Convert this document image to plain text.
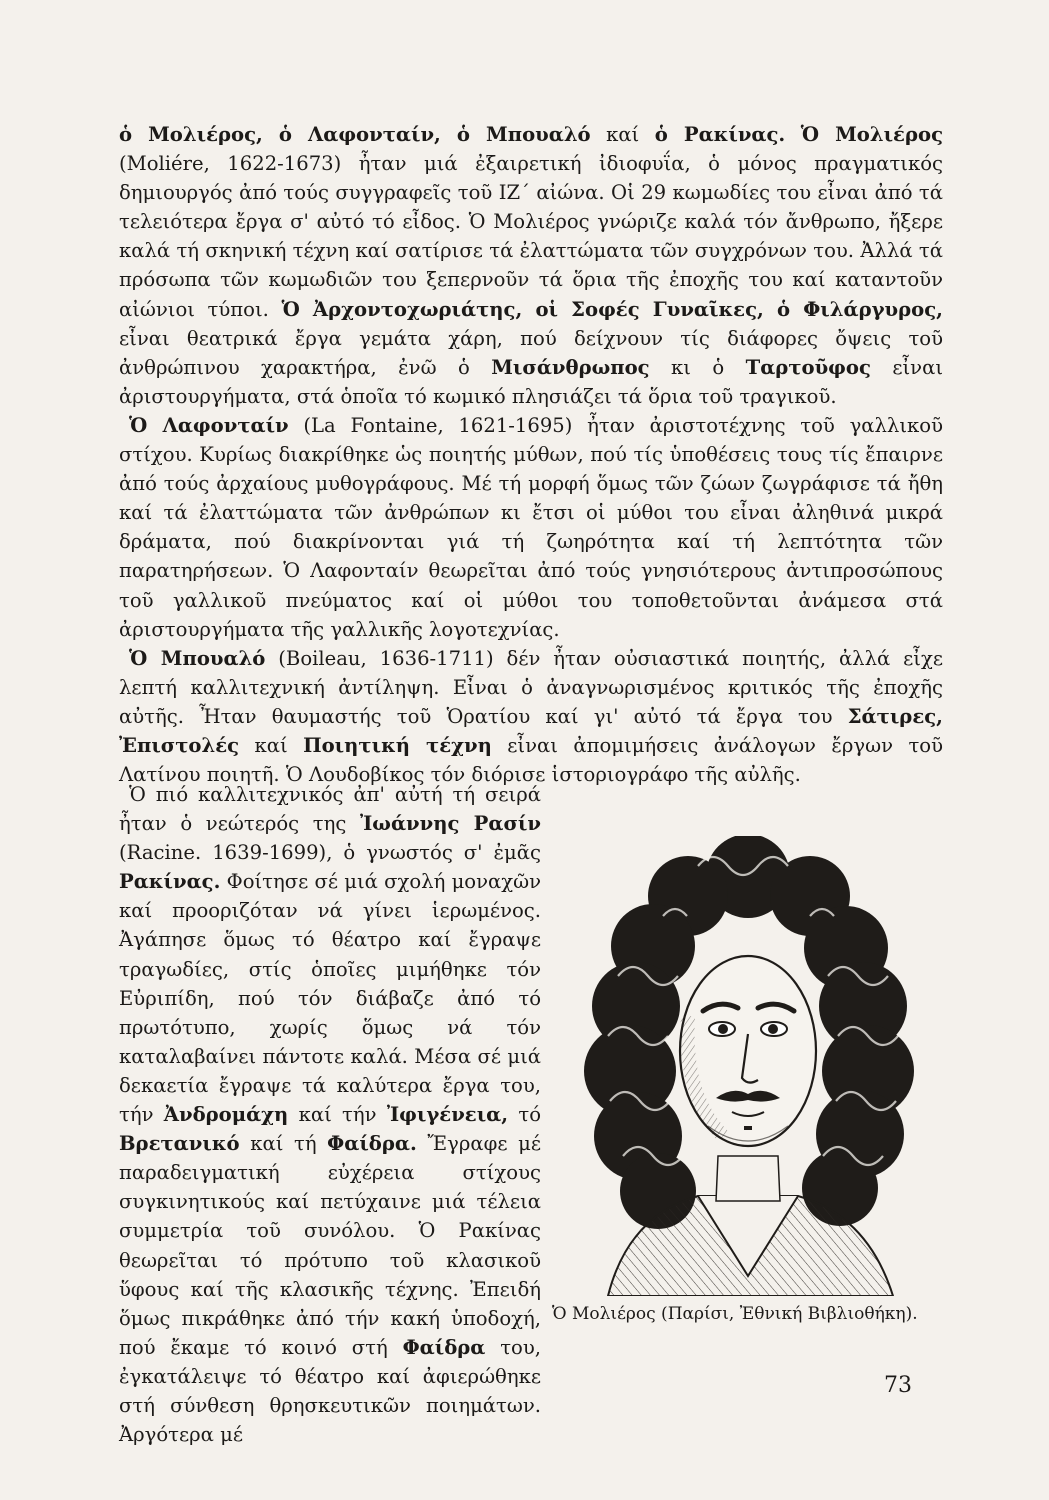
ὁ Μολιέρος, ὁ Λαφονταίν, ὁ Μπουαλό καί ὁ Ρακίνας. Ὁ Μολιέρος (Moliére, 1622-1673) ἦταν μιά ἐξαιρετική ἰδιοφυΐα, ὁ μόνος πραγματικός δημιουργός ἀπό τούς συγγραφεῖς τοῦ ΙΖ΄ αἰώνα. Οἱ 29 κωμωδίες του εἶναι ἀπό τά τελειότερα ἔργα σ' αὐτό τό εἶδος. Ὁ Μολιέρος γνώριζε καλά τόν ἄνθρωπο, ἤξερε καλά τή σκηνική τέχνη καί σατίρισε τά ἐλαττώματα τῶν συγχρόνων του. Ἀλλά τά πρόσωπα τῶν κωμωδιῶν του ξεπερνοῦν τά ὅρια τῆς ἐποχῆς του καί καταντοῦν αἰώνιοι τύποι. Ὁ Ἀρχοντοχωριάτης, οἱ Σοφές Γυναῖκες, ὁ Φιλάργυρος, εἶναι θεατρικά ἔργα γεμάτα χάρη, πού δείχνουν τίς διάφορες ὄψεις τοῦ ἀνθρώπινου χαρακτήρα, ἐνῶ ὁ Μισάνθρωπος κι ὁ Ταρτοῦφος εἶναι ἀριστουργήματα, στά ὁποῖα τό κωμικό πλησιάζει τά ὅρια τοῦ τραγικοῦ.

Ὁ Λαφονταίν (La Fontaine, 1621-1695) ἦταν ἀριστοτέχνης τοῦ γαλλικοῦ στίχου. Κυρίως διακρίθηκε ὡς ποιητής μύθων, πού τίς ὑποθέσεις τους τίς ἔπαιρνε ἀπό τούς ἀρχαίους μυθογράφους. Μέ τή μορφή ὅμως τῶν ζώων ζωγράφισε τά ἤθη καί τά ἐλαττώματα τῶν ἀνθρώπων κι ἔτσι οἱ μύθοι του εἶναι ἀληθινά μικρά δράματα, πού διακρίνονται γιά τή ζωηρότητα καί τή λεπτότητα τῶν παρατηρήσεων. Ὁ Λαφονταίν θεωρεῖται ἀπό τούς γνησιότερους ἀντιπροσώπους τοῦ γαλλικοῦ πνεύματος καί οἱ μύθοι του τοποθετοῦνται ἀνάμεσα στά ἀριστουργήματα τῆς γαλλικῆς λογοτεχνίας.

Ὁ Μπουαλό (Boileau, 1636-1711) δέν ἦταν οὐσιαστικά ποιητής, ἀλλά εἶχε λεπτή καλλιτεχνική ἀντίληψη. Εἶναι ὁ ἀναγνωρισμένος κριτικός τῆς ἐποχῆς αὐτῆς. Ἦταν θαυμαστής τοῦ Ὁρατίου καί γι' αὐτό τά ἔργα του Σάτιρες, Ἐπιστολές καί Ποιητική τέχνη εἶναι ἀπομιμήσεις ἀνάλογων ἔργων τοῦ Λατίνου ποιητῆ. Ὁ Λουδοβίκος τόν διόρισε ἱστοριογράφο τῆς αὐλῆς.

Ὁ πιό καλλιτεχνικός ἀπ' αὐτή τή σειρά ἦταν ὁ νεώτερός της Ἰωάννης Ρασίν (Racine. 1639-1699), ὁ γνωστός σ' ἐμᾶς Ρακίνας. Φοίτησε σέ μιά σχολή μοναχῶν καί προοριζόταν νά γίνει ἱερωμένος. Ἀγάπησε ὅμως τό θέατρο καί ἔγραψε τραγωδίες, στίς ὁποῖες μιμήθηκε τόν Εὐριπίδη, πού τόν διάβαζε ἀπό τό πρωτότυπο, χωρίς ὅμως νά τόν καταλαβαίνει πάντοτε καλά. Μέσα σέ μιά δεκαετία ἔγραψε τά καλύτερα ἔργα του, τήν Ἀνδρομάχη καί τήν Ἰφιγένεια, τό Βρετανικό καί τή Φαίδρα. Ἔγραφε μέ παραδειγματική εὐχέρεια στίχους συγκινητικούς καί πετύχαινε μιά τέλεια συμμετρία τοῦ συνόλου. Ὁ Ρακίνας θεωρεῖται τό πρότυπο τοῦ κλασικοῦ ὕφους καί τῆς κλασικῆς τέχνης. Ἐπειδή ὅμως πικράθηκε ἀπό τήν κακή ὑποδοχή, πού ἔκαμε τό κοινό στή Φαίδρα του, ἐγκατάλειψε τό θέατρο καί ἀφιερώθηκε στή σύνθεση θρησκευτικῶν ποιημάτων. Ἀργότερα μέ

Ὁ Μολιέρος (Παρίσι, Ἐθνική Βιβλιοθήκη).
73
